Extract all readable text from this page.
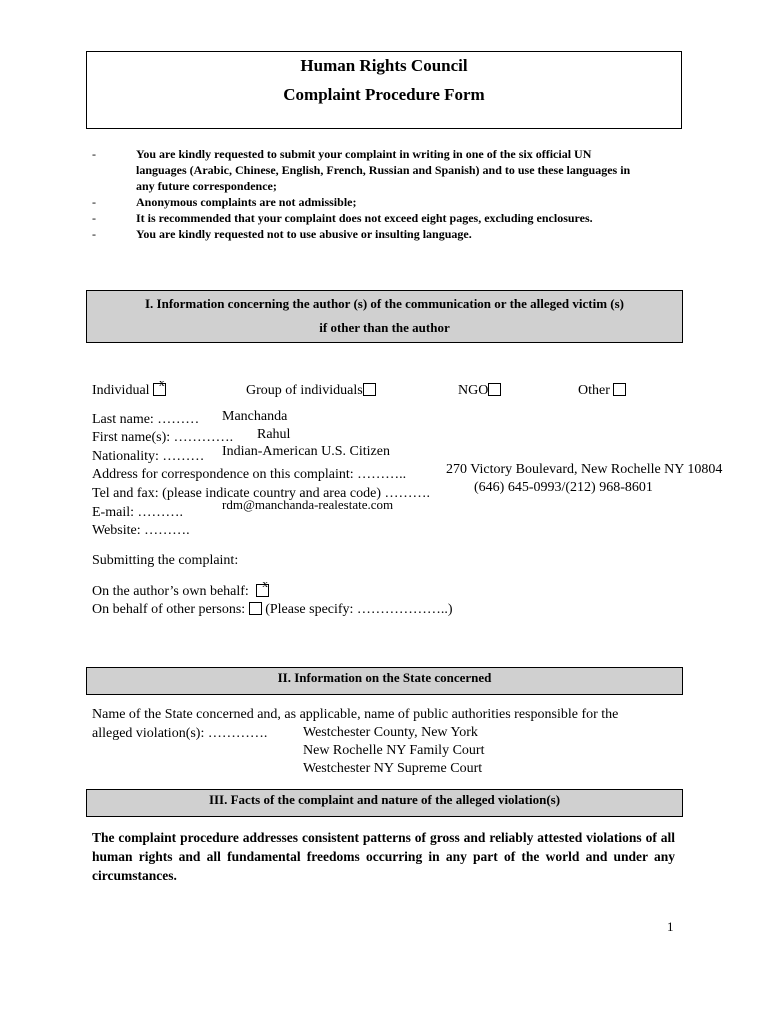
Human Rights Council
Complaint Procedure Form
-	You are kindly requested to submit your complaint in writing in one of the six official UN languages (Arabic, Chinese, English, French, Russian and Spanish) and to use these languages in any future correspondence;
-	Anonymous complaints are not admissible;
-	It is recommended that your complaint does not exceed eight pages, excluding enclosures.
-	You are kindly requested not to use abusive or insulting language.
I. Information concerning the author (s) of the communication or the alleged victim (s)
if other than the author
Individual x	Group of individuals	NGO	Other
Last name: ……… Manchanda
First name(s): …………. Rahul
Nationality: ……… Indian-American U.S. Citizen
Address for correspondence on this complaint: ………..	270 Victory Boulevard, New Rochelle NY 10804
Tel and fax: (please indicate country and area code) ……….	(646) 645-0993/(212) 968-8601
E-mail: ……….
rdm@manchanda-realestate.com
Website: ……….
Submitting the complaint:
On the author’s own behalf: x
On behalf of other persons: (Please specify: ………………..)
II. Information on the State concerned
Name of the State concerned and, as applicable, name of public authorities responsible for the
alleged violation(s): ………….	Westchester County, New York
New Rochelle NY Family Court
Westchester NY Supreme Court
III. Facts of the complaint and nature of the alleged violation(s)
The complaint procedure addresses consistent patterns of gross and reliably attested violations of all human rights and all fundamental freedoms occurring in any part of the world and under any circumstances.
1
